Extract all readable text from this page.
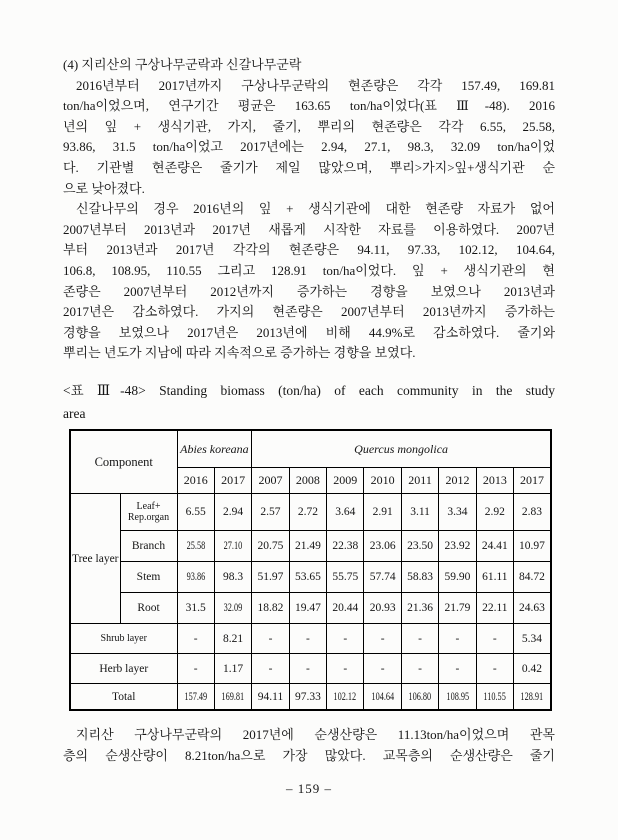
(4) 지리산의 구상나무군락과 신갈나무군락
2016년부터 2017년까지 구상나무군락의 현존량은 각각 157.49, 169.81
ton/ha이었으며, 연구기간 평균은 163.65 ton/ha이었다(표 Ⅲ-48). 2016
년의 잎 + 생식기관, 가지, 줄기, 뿌리의 현존량은 각각 6.55, 25.58,
93.86, 31.5 ton/ha이었고 2017년에는 2.94, 27.1, 98.3, 32.09 ton/ha이었
다. 기관별 현존량은 줄기가 제일 많았으며, 뿌리>가지>잎+생식기관 순
으로 낮아졌다.
신갈나무의 경우 2016년의 잎 + 생식기관에 대한 현존량 자료가 없어
2007년부터 2013년과 2017년 새롭게 시작한 자료를 이용하였다. 2007년
부터 2013년과 2017년 각각의 현존량은 94.11, 97.33, 102.12, 104.64,
106.8, 108.95, 110.55 그리고 128.91 ton/ha이었다. 잎 + 생식기관의 현
존량은 2007년부터 2012년까지 증가하는 경향을 보였으나 2013년과
2017년은 감소하였다. 가지의 현존량은 2007년부터 2013년까지 증가하는
경향을 보였으나 2017년은 2013년에 비해 44.9%로 감소하였다. 줄기와
뿌리는 년도가 지남에 따라 지속적으로 증가하는 경향을 보였다.
<표 Ⅲ-48> Standing biomass (ton/ha) of each community in the study
area
Component		Abies koreana		Quercus mongolica							
		2016	2017	2007	2008	2009	2010	2011	2012	2013	2017
Tree layer	Leaf+ Rep.organ	6.55	2.94	2.57	2.72	3.64	2.91	3.11	3.34	2.92	2.83
	Branch	25.58	27.10	20.75	21.49	22.38	23.06	23.50	23.92	24.41	10.97
	Stem	93.86	98.3	51.97	53.65	55.75	57.74	58.83	59.90	61.11	84.72
	Root	31.5	32.09	18.82	19.47	20.44	20.93	21.36	21.79	22.11	24.63
Shrub layer		-	8.21	-	-	-	-	-	-	-	5.34
Herb layer		-	1.17	-	-	-	-	-	-	-	0.42
Total		157.49	169.81	94.11	97.33	102.12	104.64	106.80	108.95	110.55	128.91
지리산 구상나무군락의 2017년에 순생산량은 11.13ton/ha이었으며 관목
층의 순생산량이 8.21ton/ha으로 가장 많았다. 교목층의 순생산량은 줄기
– 159 –
